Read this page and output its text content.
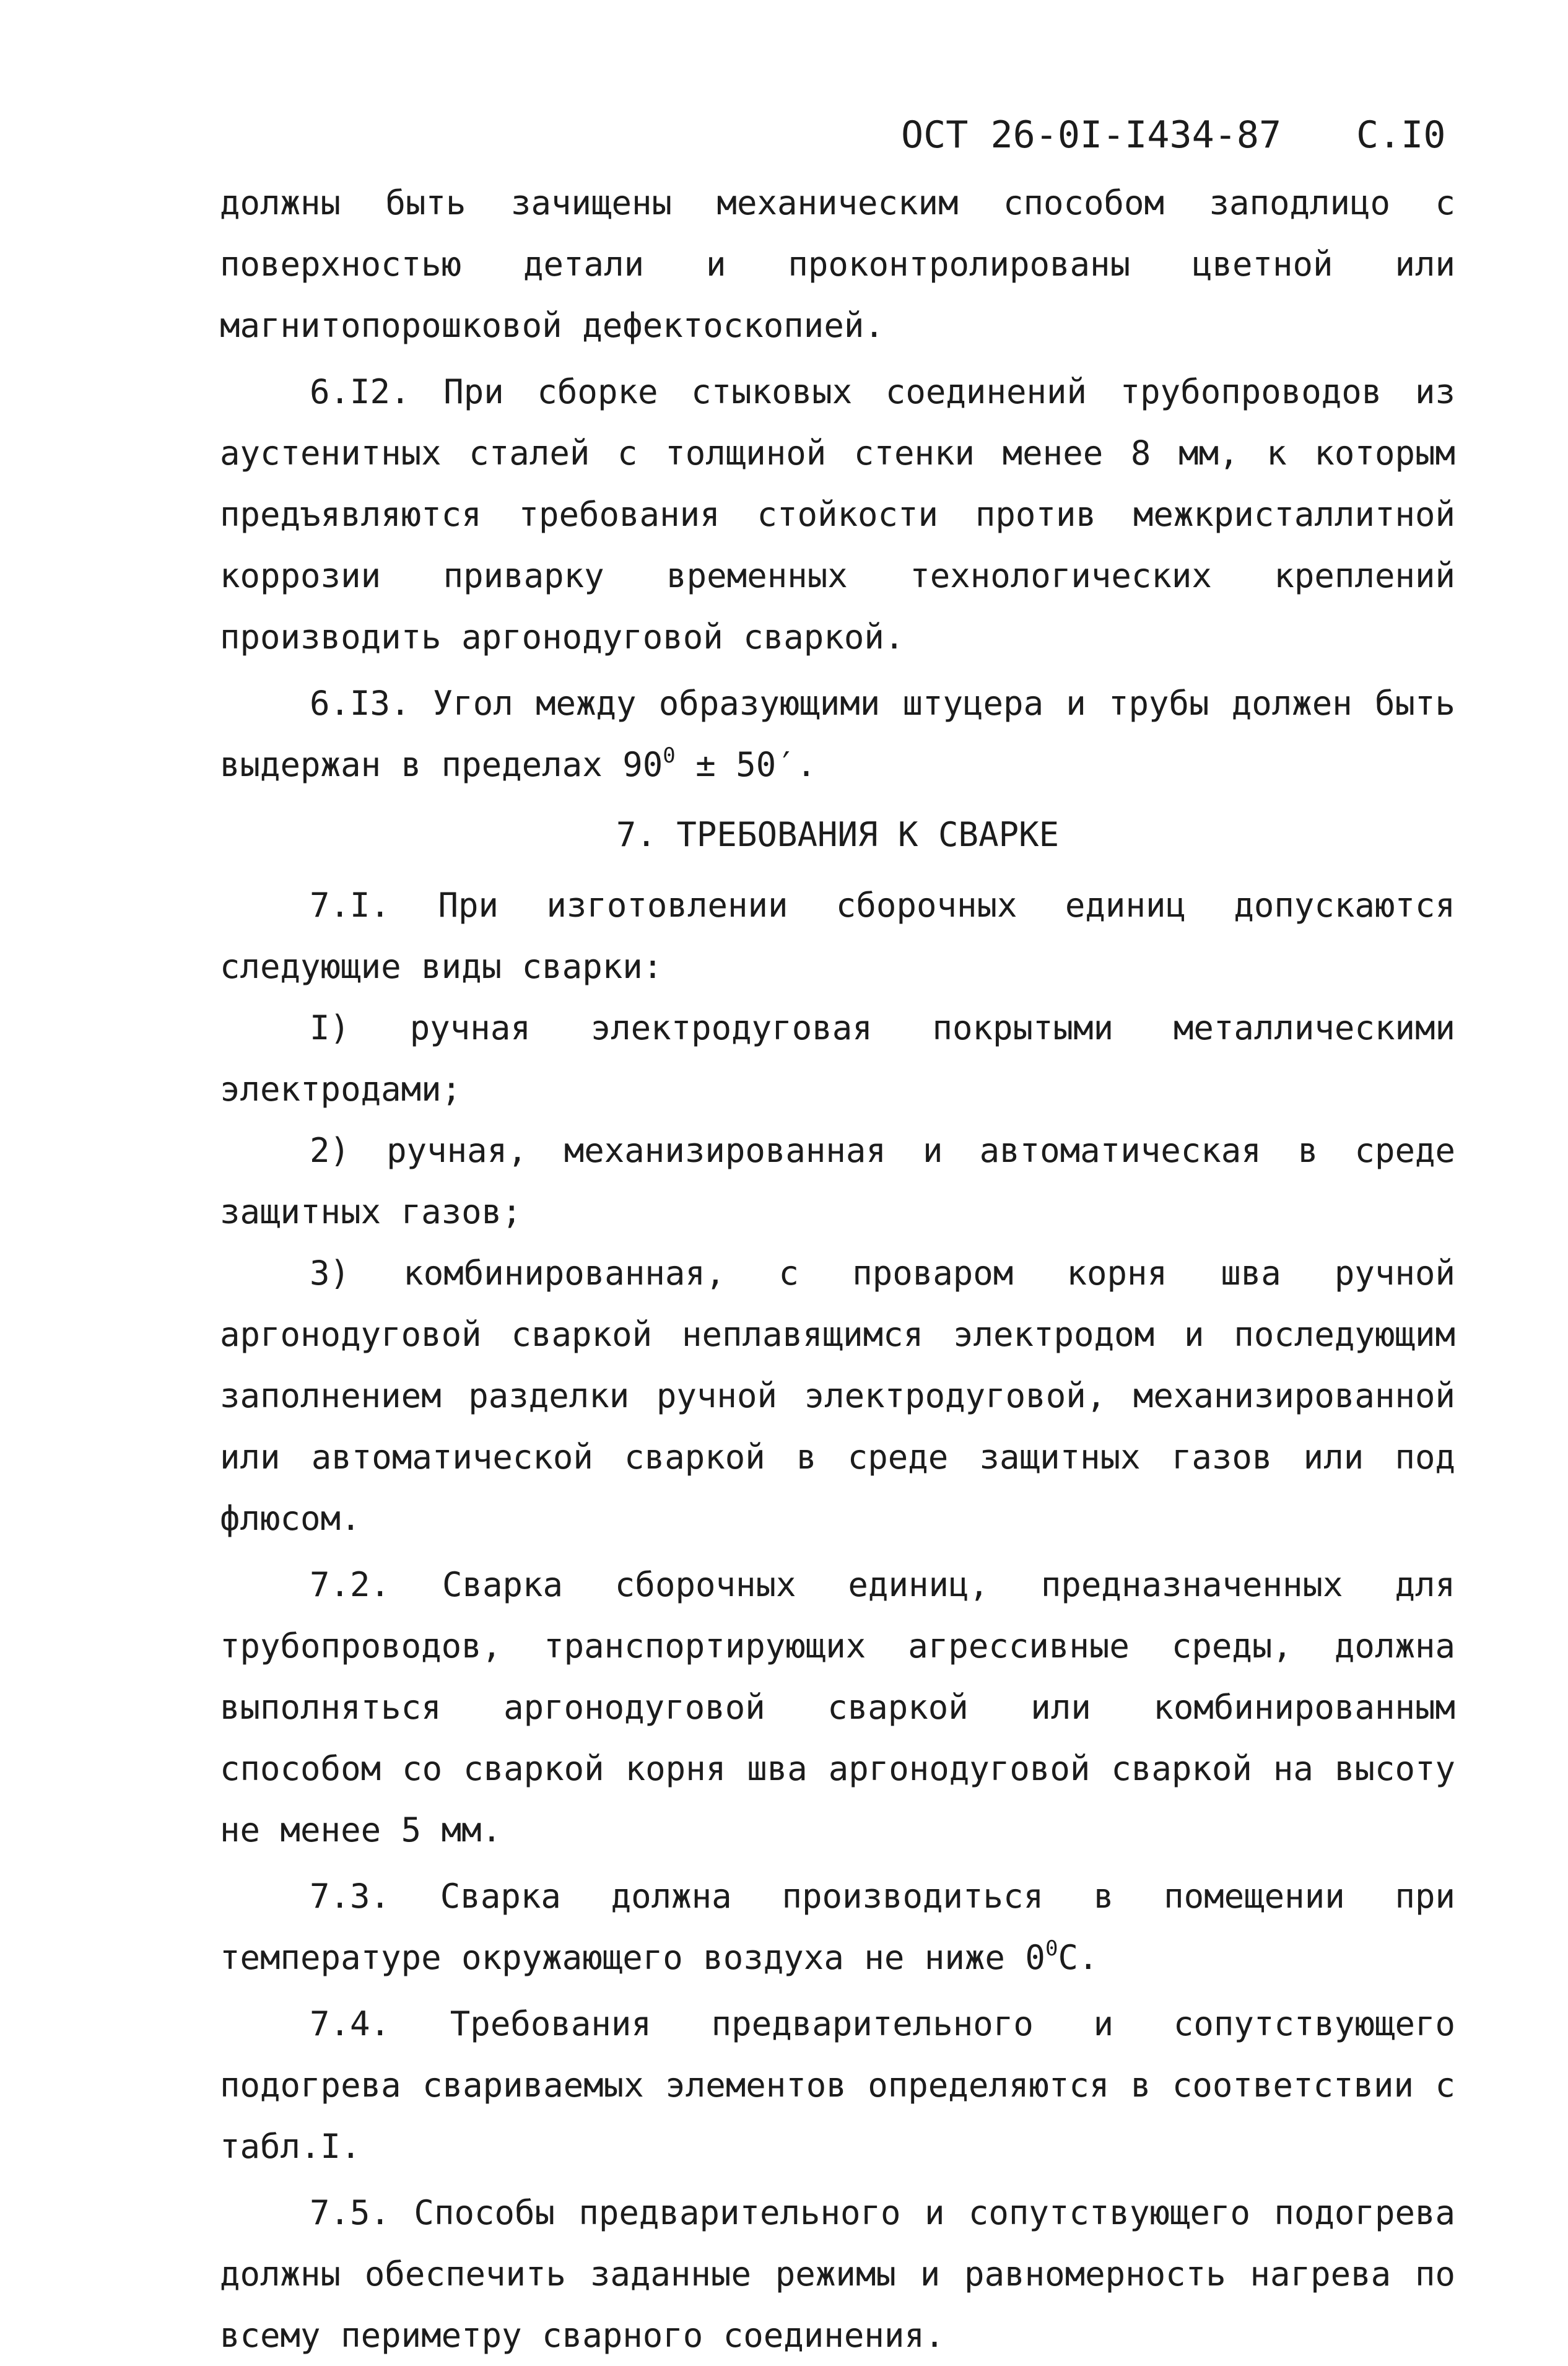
ОСТ 26-0I-I434-87 С.I0

должны быть зачищены механическим способом заподлицо с поверхностью детали и проконтролированы цветной или магнитопорошковой дефектоскопией.

6.I2. При сборке стыковых соединений трубопроводов из аустенитных сталей с толщиной стенки менее 8 мм, к которым предъявляются требования стойкости против межкристаллитной коррозии приварку временных технологических креплений производить аргонодуговой сваркой.

6.I3. Угол между образующими штуцера и трубы должен быть выдержан в пределах $90^0 \pm 50'$.

7. ТРЕБОВАНИЯ К СВАРКЕ

7.I. При изготовлении сборочных единиц допускаются следующие виды сварки:

I) ручная электродуговая покрытыми металлическими электродами;

2) ручная, механизированная и автоматическая в среде защитных газов;

3) комбинированная, с проваром корня шва ручной аргонодуговой сваркой неплавящимся электродом и последующим заполнением разделки ручной электродуговой, механизированной или автоматической сваркой в среде защитных газов или под флюсом.

7.2. Сварка сборочных единиц, предназначенных для трубопроводов, транспортирующих агрессивные среды, должна выполняться аргонодуговой сваркой или комбинированным способом со сваркой корня шва аргонодуговой сваркой на высоту не менее 5 мм.

7.3. Сварка должна производиться в помещении при температуре окружающего воздуха не ниже $0^0С$.

7.4. Требования предварительного и сопутствующего подогрева свариваемых элементов определяются в соответствии с табл.I.

7.5. Способы предварительного и сопутствующего подогрева должны обеспечить заданные режимы и равномерность нагрева по всему периметру сварного соединения.
